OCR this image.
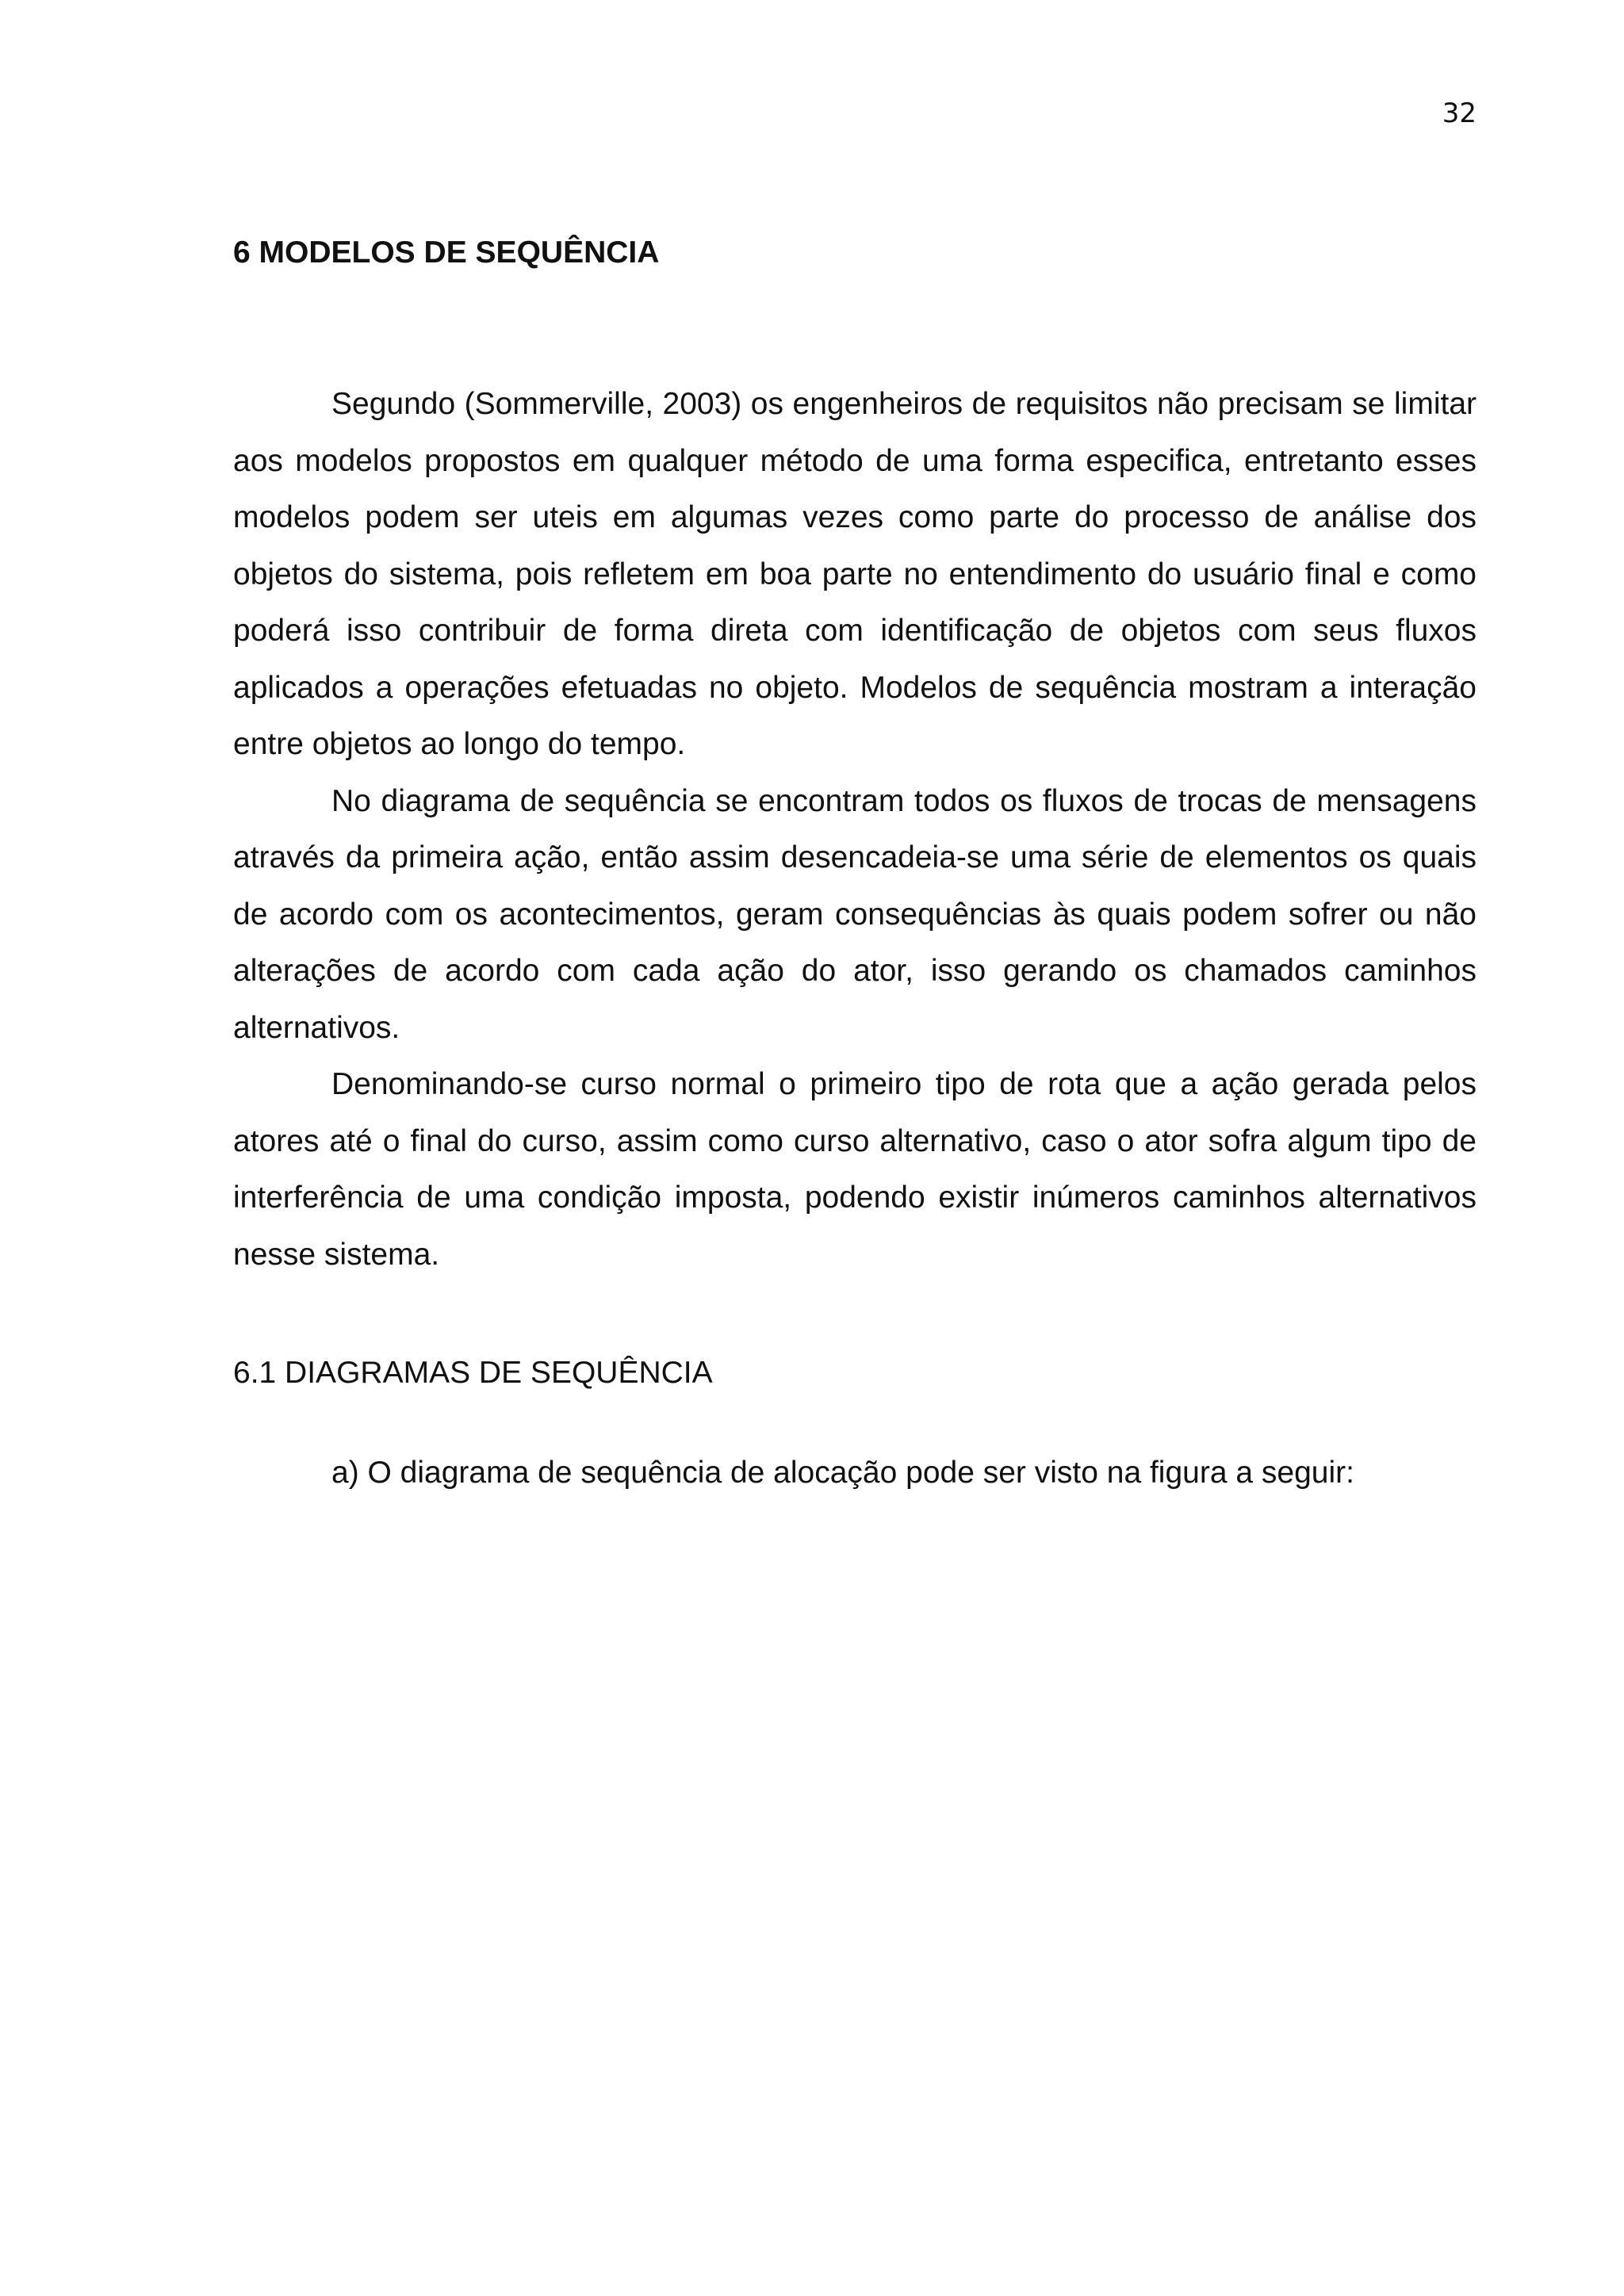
32
6 MODELOS DE SEQUÊNCIA

Segundo (Sommerville, 2003) os engenheiros de requisitos não precisam se limitar aos modelos propostos em qualquer método de uma forma especifica, entretanto esses modelos podem ser uteis em algumas vezes como parte do processo de análise dos objetos do sistema, pois refletem em boa parte no entendimento do usuário final e como poderá isso contribuir de forma direta com identificação de objetos com seus fluxos aplicados a operações efetuadas no objeto. Modelos de sequência mostram a interação entre objetos ao longo do tempo.

No diagrama de sequência se encontram todos os fluxos de trocas de mensagens através da primeira ação, então assim desencadeia-se uma série de elementos os quais de acordo com os acontecimentos, geram consequências às quais podem sofrer ou não alterações de acordo com cada ação do ator, isso gerando os chamados caminhos alternativos.

Denominando-se curso normal o primeiro tipo de rota que a ação gerada pelos atores até o final do curso, assim como curso alternativo, caso o ator sofra algum tipo de interferência de uma condição imposta, podendo existir inúmeros caminhos alternativos nesse sistema.

6.1 DIAGRAMAS DE SEQUÊNCIA

a) O diagrama de sequência de alocação pode ser visto na figura a seguir:
